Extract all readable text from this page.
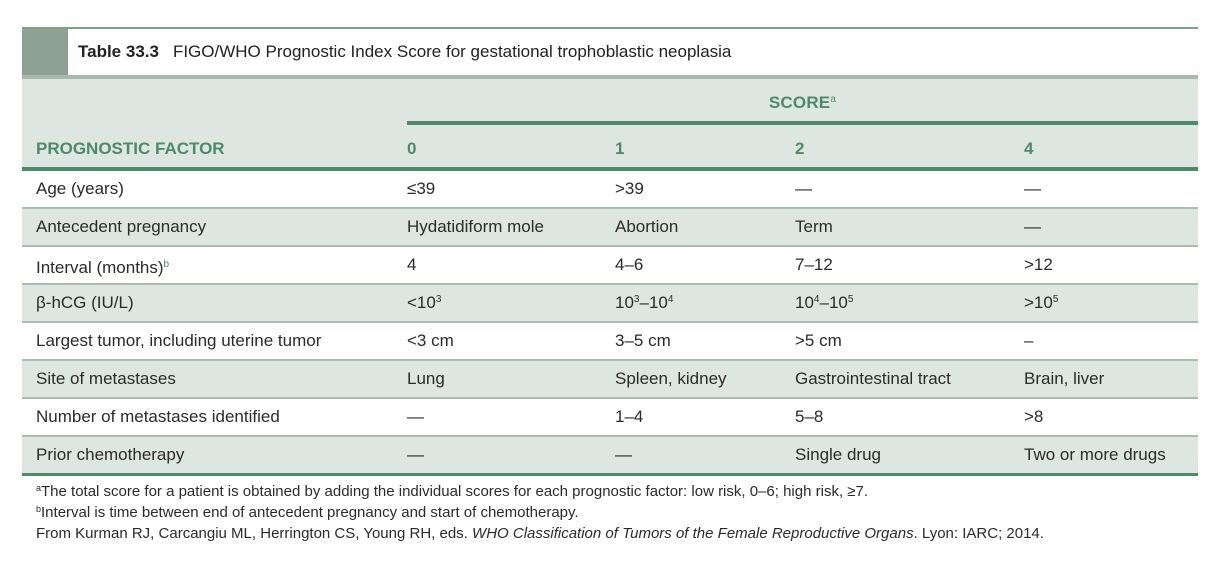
Table 33.3 FIGO/WHO Prognostic Index Score for gestational trophoblastic neoplasia
SCORE$^a$
PROGNOSTIC FACTOR	0	1	2	4
Age (years)	≤39	>39	—	—
Antecedent pregnancy	Hydatidiform mole	Abortion	Term	—
Interval (months)$^b$	4	4–6	7–12	>12
β-hCG (IU/L)	$<10^3$	$10^3-10^4$	$10^4-10^5$	$>10^5$
Largest tumor, including uterine tumor	<3 cm	3–5 cm	>5 cm	–
Site of metastases	Lung	Spleen, kidney	Gastrointestinal tract	Brain, liver
Number of metastases identified	—	1–4	5–8	>8
Prior chemotherapy	—	—	Single drug	Two or more drugs
$^a$The total score for a patient is obtained by adding the individual scores for each prognostic factor: low risk, 0–6; high risk, ≥7.
$^b$Interval is time between end of antecedent pregnancy and start of chemotherapy.
From Kurman RJ, Carcangiu ML, Herrington CS, Young RH, eds. WHO Classification of Tumors of the Female Reproductive Organs. Lyon: IARC; 2014.
